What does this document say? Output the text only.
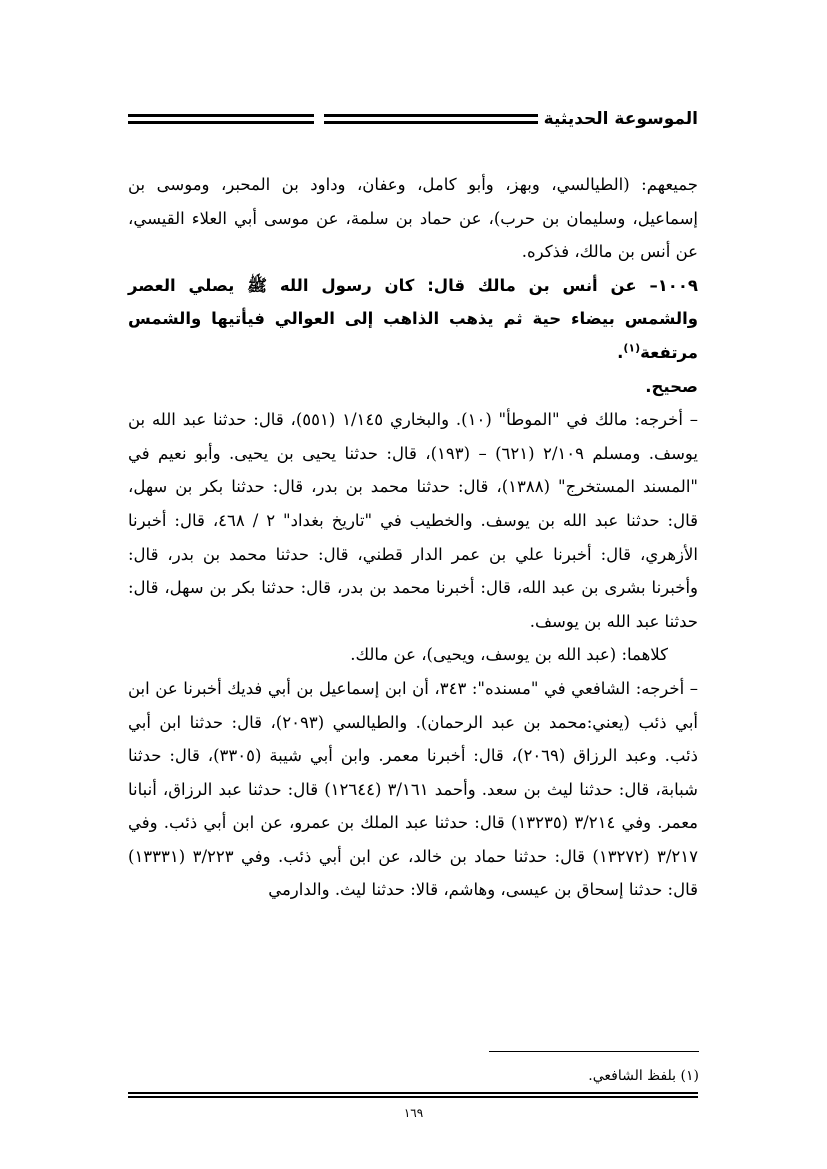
الموسوعة الحديثية

جميعهم: (الطيالسي، وبهز، وأبو كامل، وعفان، وداود بن المحبر، وموسى بن إسماعيل، وسليمان بن حرب)، عن حماد بن سلمة، عن موسى أبي العلاء القيسي، عن أنس بن مالك، فذكره.

١٠٠٩– عن أنس بن مالك قال: كان رسول الله ﷺ يصلي العصر والشمس بيضاء حية ثم يذهب الذاهب إلى العوالي فيأتيها والشمس مرتفعة$^{(١)}$.

صحيح.

– أخرجه: مالك في "الموطأ" (١٠). والبخاري ١/١٤٥ (٥٥١)، قال: حدثنا عبد الله بن يوسف. ومسلم ٢/١٠٩ (٦٢١) – (١٩٣)، قال: حدثنا يحيى بن يحيى. وأبو نعيم في "المسند المستخرج" (١٣٨٨)، قال: حدثنا محمد بن بدر، قال: حدثنا بكر بن سهل، قال: حدثنا عبد الله بن يوسف. والخطيب في "تاريخ بغداد" ٢ / ٤٦٨، قال: أخبرنا الأزهري، قال: أخبرنا علي بن عمر الدار قطني، قال: حدثنا محمد بن بدر، قال: وأخبرنا بشرى بن عبد الله، قال: أخبرنا محمد بن بدر، قال: حدثنا بكر بن سهل، قال: حدثنا عبد الله بن يوسف.

كلاهما: (عبد الله بن يوسف، ويحيى)، عن مالك.

– أخرجه: الشافعي في "مسنده": ٣٤٣، أن ابن إسماعيل بن أبي فديك أخبرنا عن ابن أبي ذئب (يعني:محمد بن عبد الرحمان). والطيالسي (٢٠٩٣)، قال: حدثنا ابن أبي ذئب. وعبد الرزاق (٢٠٦٩)، قال: أخبرنا معمر. وابن أبي شيبة (٣٣٠٥)، قال: حدثنا شبابة، قال: حدثنا ليث بن سعد. وأحمد ٣/١٦١ (١٢٦٤٤) قال: حدثنا عبد الرزاق، أنبانا معمر. وفي ٣/٢١٤ (١٣٢٣٥) قال: حدثنا عبد الملك بن عمرو، عن ابن أبي ذئب. وفي ٣/٢١٧ (١٣٢٧٢) قال: حدثنا حماد بن خالد، عن ابن أبي ذئب. وفي ٣/٢٢٣ (١٣٣٣١) قال: حدثنا إسحاق بن عيسى، وهاشم، قالا: حدثنا ليث. والدارمي

(١) بلفظ الشافعي.
١٦٩
